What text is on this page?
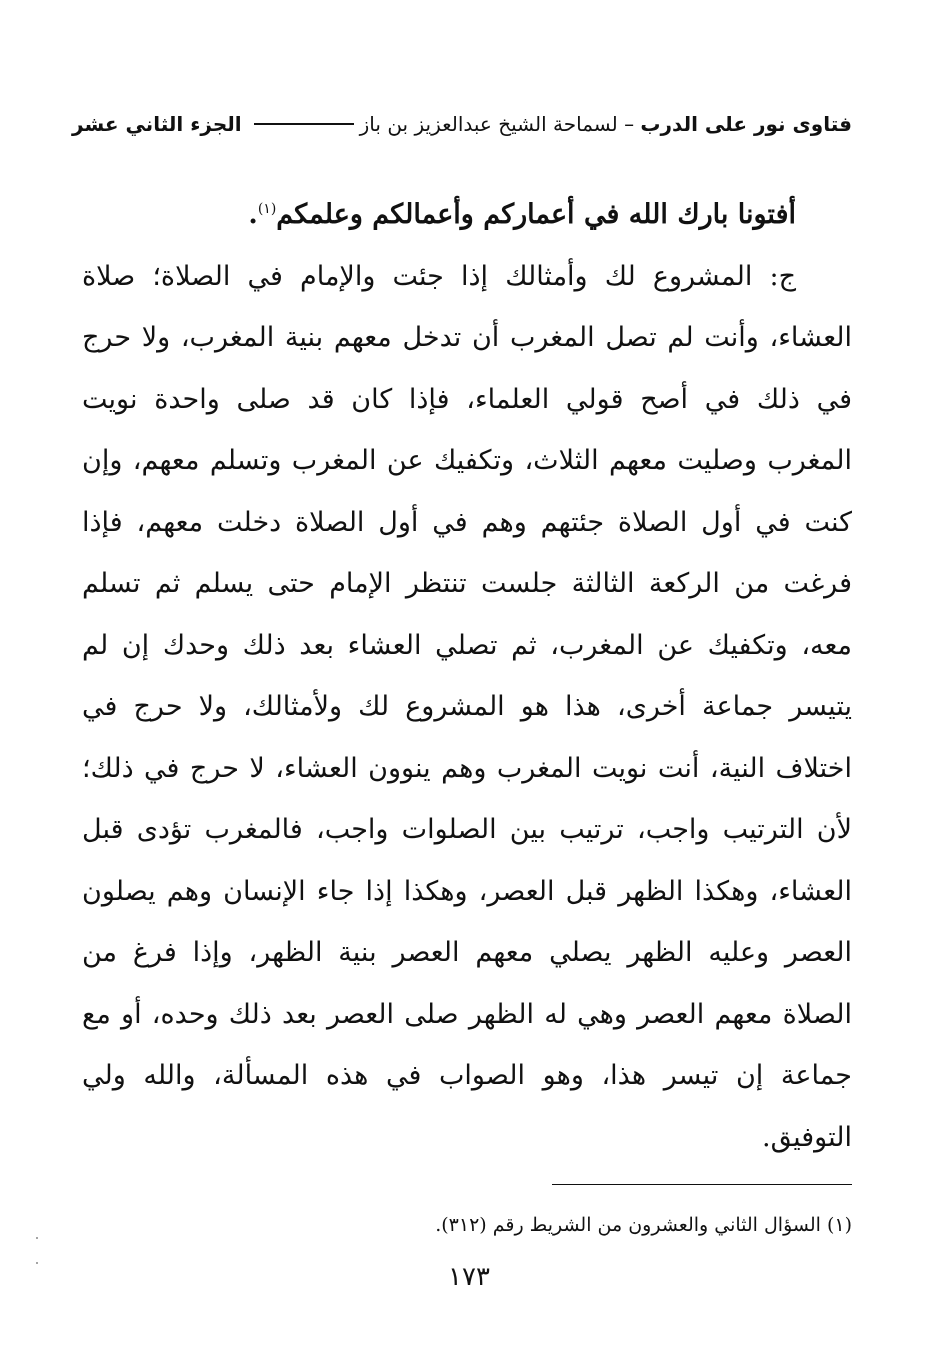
فتاوى نور على الدرب – لسماحة الشيخ عبدالعزيز بن باز
الجزء الثاني عشر

أفتونا بارك الله في أعماركم وأعمالكم وعلمكم$^{(١)}$.

ج: المشروع لك وأمثالك إذا جئت والإمام في الصلاة؛ صلاة العشاء، وأنت لم تصل المغرب أن تدخل معهم بنية المغرب، ولا حرج في ذلك في أصح قولي العلماء، فإذا كان قد صلى واحدة نويت المغرب وصليت معهم الثلاث، وتكفيك عن المغرب وتسلم معهم، وإن كنت في أول الصلاة جئتهم وهم في أول الصلاة دخلت معهم، فإذا فرغت من الركعة الثالثة جلست تنتظر الإمام حتى يسلم ثم تسلم معه، وتكفيك عن المغرب، ثم تصلي العشاء بعد ذلك وحدك إن لم يتيسر جماعة أخرى، هذا هو المشروع لك ولأمثالك، ولا حرج في اختلاف النية، أنت نويت المغرب وهم ينوون العشاء، لا حرج في ذلك؛ لأن الترتيب واجب، ترتيب بين الصلوات واجب، فالمغرب تؤدى قبل العشاء، وهكذا الظهر قبل العصر، وهكذا إذا جاء الإنسان وهم يصلون العصر وعليه الظهر يصلي معهم العصر بنية الظهر، وإذا فرغ من الصلاة معهم العصر وهي له الظهر صلى العصر بعد ذلك وحده، أو مع جماعة إن تيسر هذا، وهو الصواب في هذه المسألة، والله ولي التوفيق.

(١) السؤال الثاني والعشرون من الشريط رقم (٣١٢).
١٧٣
